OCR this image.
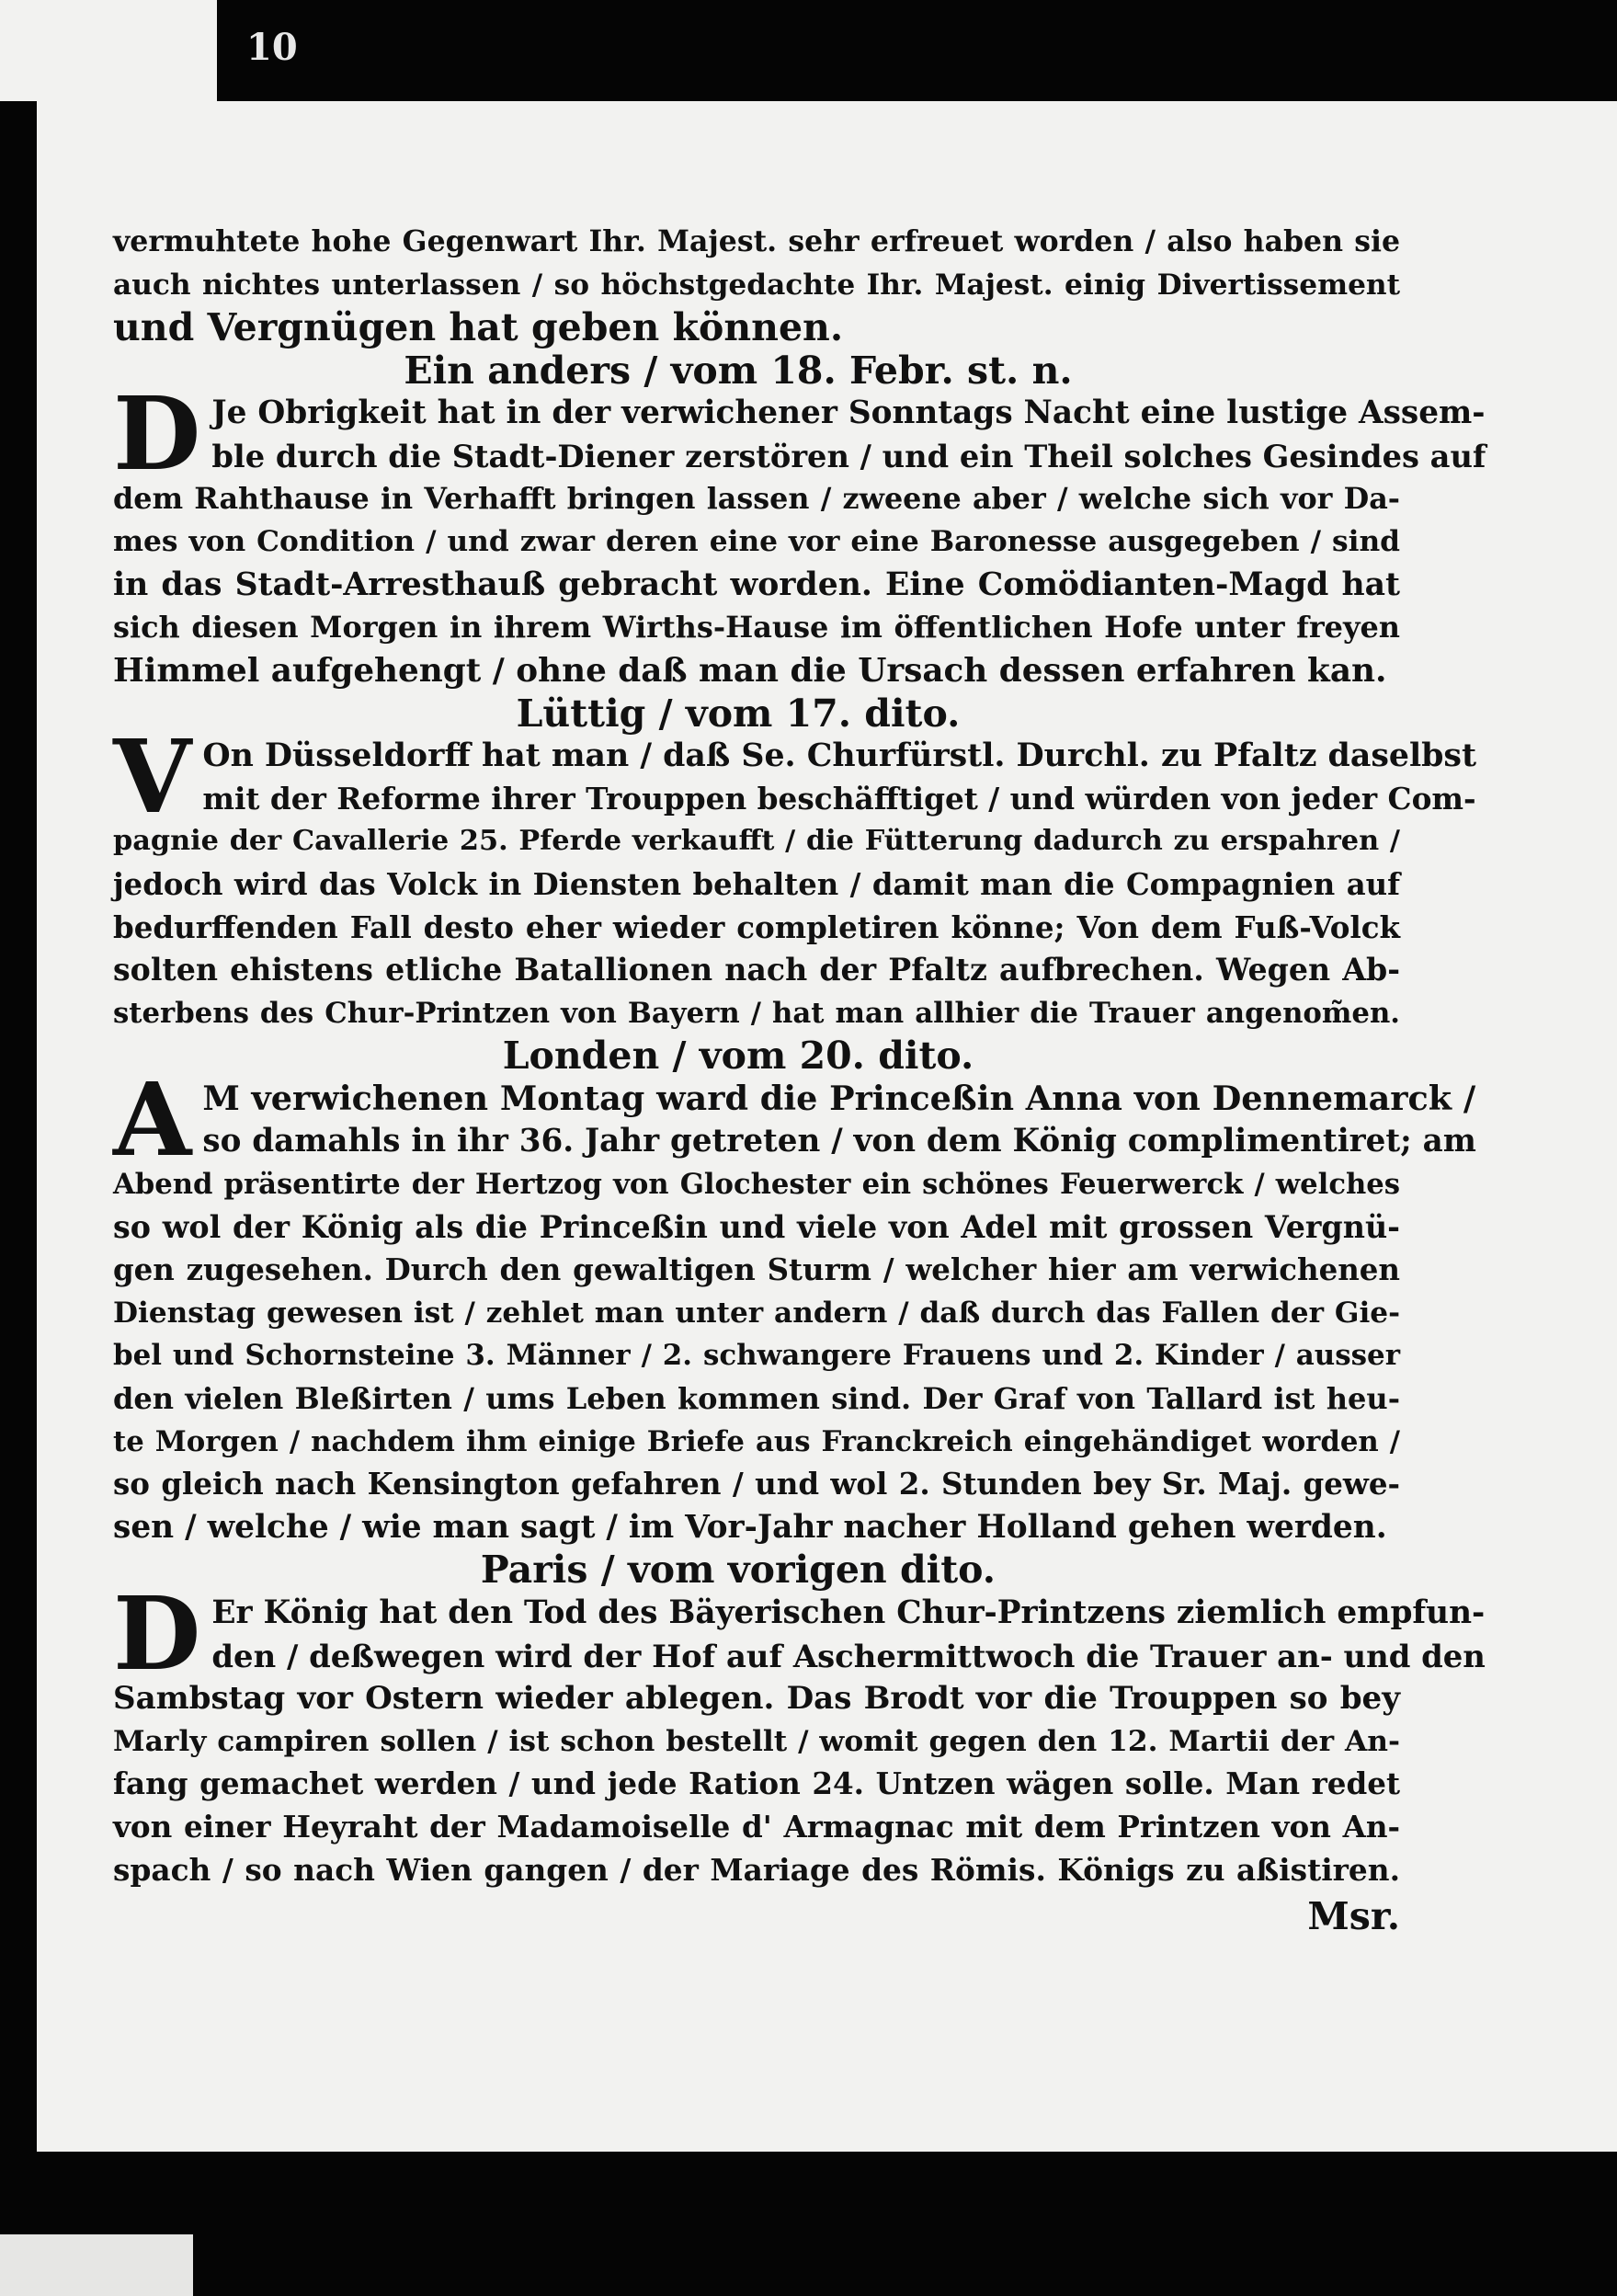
10
vermuhtete hohe Gegenwart Ihr. Majest. sehr erfreuet worden / also haben sie
auch nichtes unterlassen / so höchstgedachte Ihr. Majest. einig Divertissement
und Vergnügen hat geben können.
Ein anders / vom 18. Febr. st. n.
D Je Obrigkeit hat in der verwichener Sonntags Nacht eine lustige Assem-
ble durch die Stadt-Diener zerstören / und ein Theil solches Gesindes auf
dem Rahthause in Verhafft bringen lassen / zweene aber / welche sich vor Da-
mes von Condition / und zwar deren eine vor eine Baronesse ausgegeben / sind
in das Stadt-Arresthauß gebracht worden. Eine Comödianten-Magd hat
sich diesen Morgen in ihrem Wirths-Hause im öffentlichen Hofe unter freyen
Himmel aufgehengt / ohne daß man die Ursach dessen erfahren kan.
Lüttig / vom 17. dito.
V On Düsseldorff hat man / daß Se. Churfürstl. Durchl. zu Pfaltz daselbst
mit der Reforme ihrer Trouppen beschäfftiget / und würden von jeder Com-
pagnie der Cavallerie 25. Pferde verkaufft / die Fütterung dadurch zu erspahren /
jedoch wird das Volck in Diensten behalten / damit man die Compagnien auf
bedurffenden Fall desto eher wieder completiren könne; Von dem Fuß-Volck
solten ehistens etliche Batallionen nach der Pfaltz aufbrechen. Wegen Ab-
sterbens des Chur-Printzen von Bayern / hat man allhier die Trauer angenom̃en.
Londen / vom 20. dito.
A M verwichenen Montag ward die Princeßin Anna von Dennemarck /
so damahls in ihr 36. Jahr getreten / von dem König complimentiret; am
Abend präsentirte der Hertzog von Glochester ein schönes Feuerwerck / welches
so wol der König als die Princeßin und viele von Adel mit grossen Vergnü-
gen zugesehen. Durch den gewaltigen Sturm / welcher hier am verwichenen
Dienstag gewesen ist / zehlet man unter andern / daß durch das Fallen der Gie-
bel und Schornsteine 3. Männer / 2. schwangere Frauens und 2. Kinder / ausser
den vielen Bleßirten / ums Leben kommen sind. Der Graf von Tallard ist heu-
te Morgen / nachdem ihm einige Briefe aus Franckreich eingehändiget worden /
so gleich nach Kensington gefahren / und wol 2. Stunden bey Sr. Maj. gewe-
sen / welche / wie man sagt / im Vor-Jahr nacher Holland gehen werden.
Paris / vom vorigen dito.
D Er König hat den Tod des Bäyerischen Chur-Printzens ziemlich empfun-
den / deßwegen wird der Hof auf Aschermittwoch die Trauer an- und den
Sambstag vor Ostern wieder ablegen. Das Brodt vor die Trouppen so bey
Marly campiren sollen / ist schon bestellt / womit gegen den 12. Martii der An-
fang gemachet werden / und jede Ration 24. Untzen wägen solle. Man redet
von einer Heyraht der Madamoiselle d' Armagnac mit dem Printzen von An-
spach / so nach Wien gangen / der Mariage des Römis. Königs zu aßistiren.
Msr.
